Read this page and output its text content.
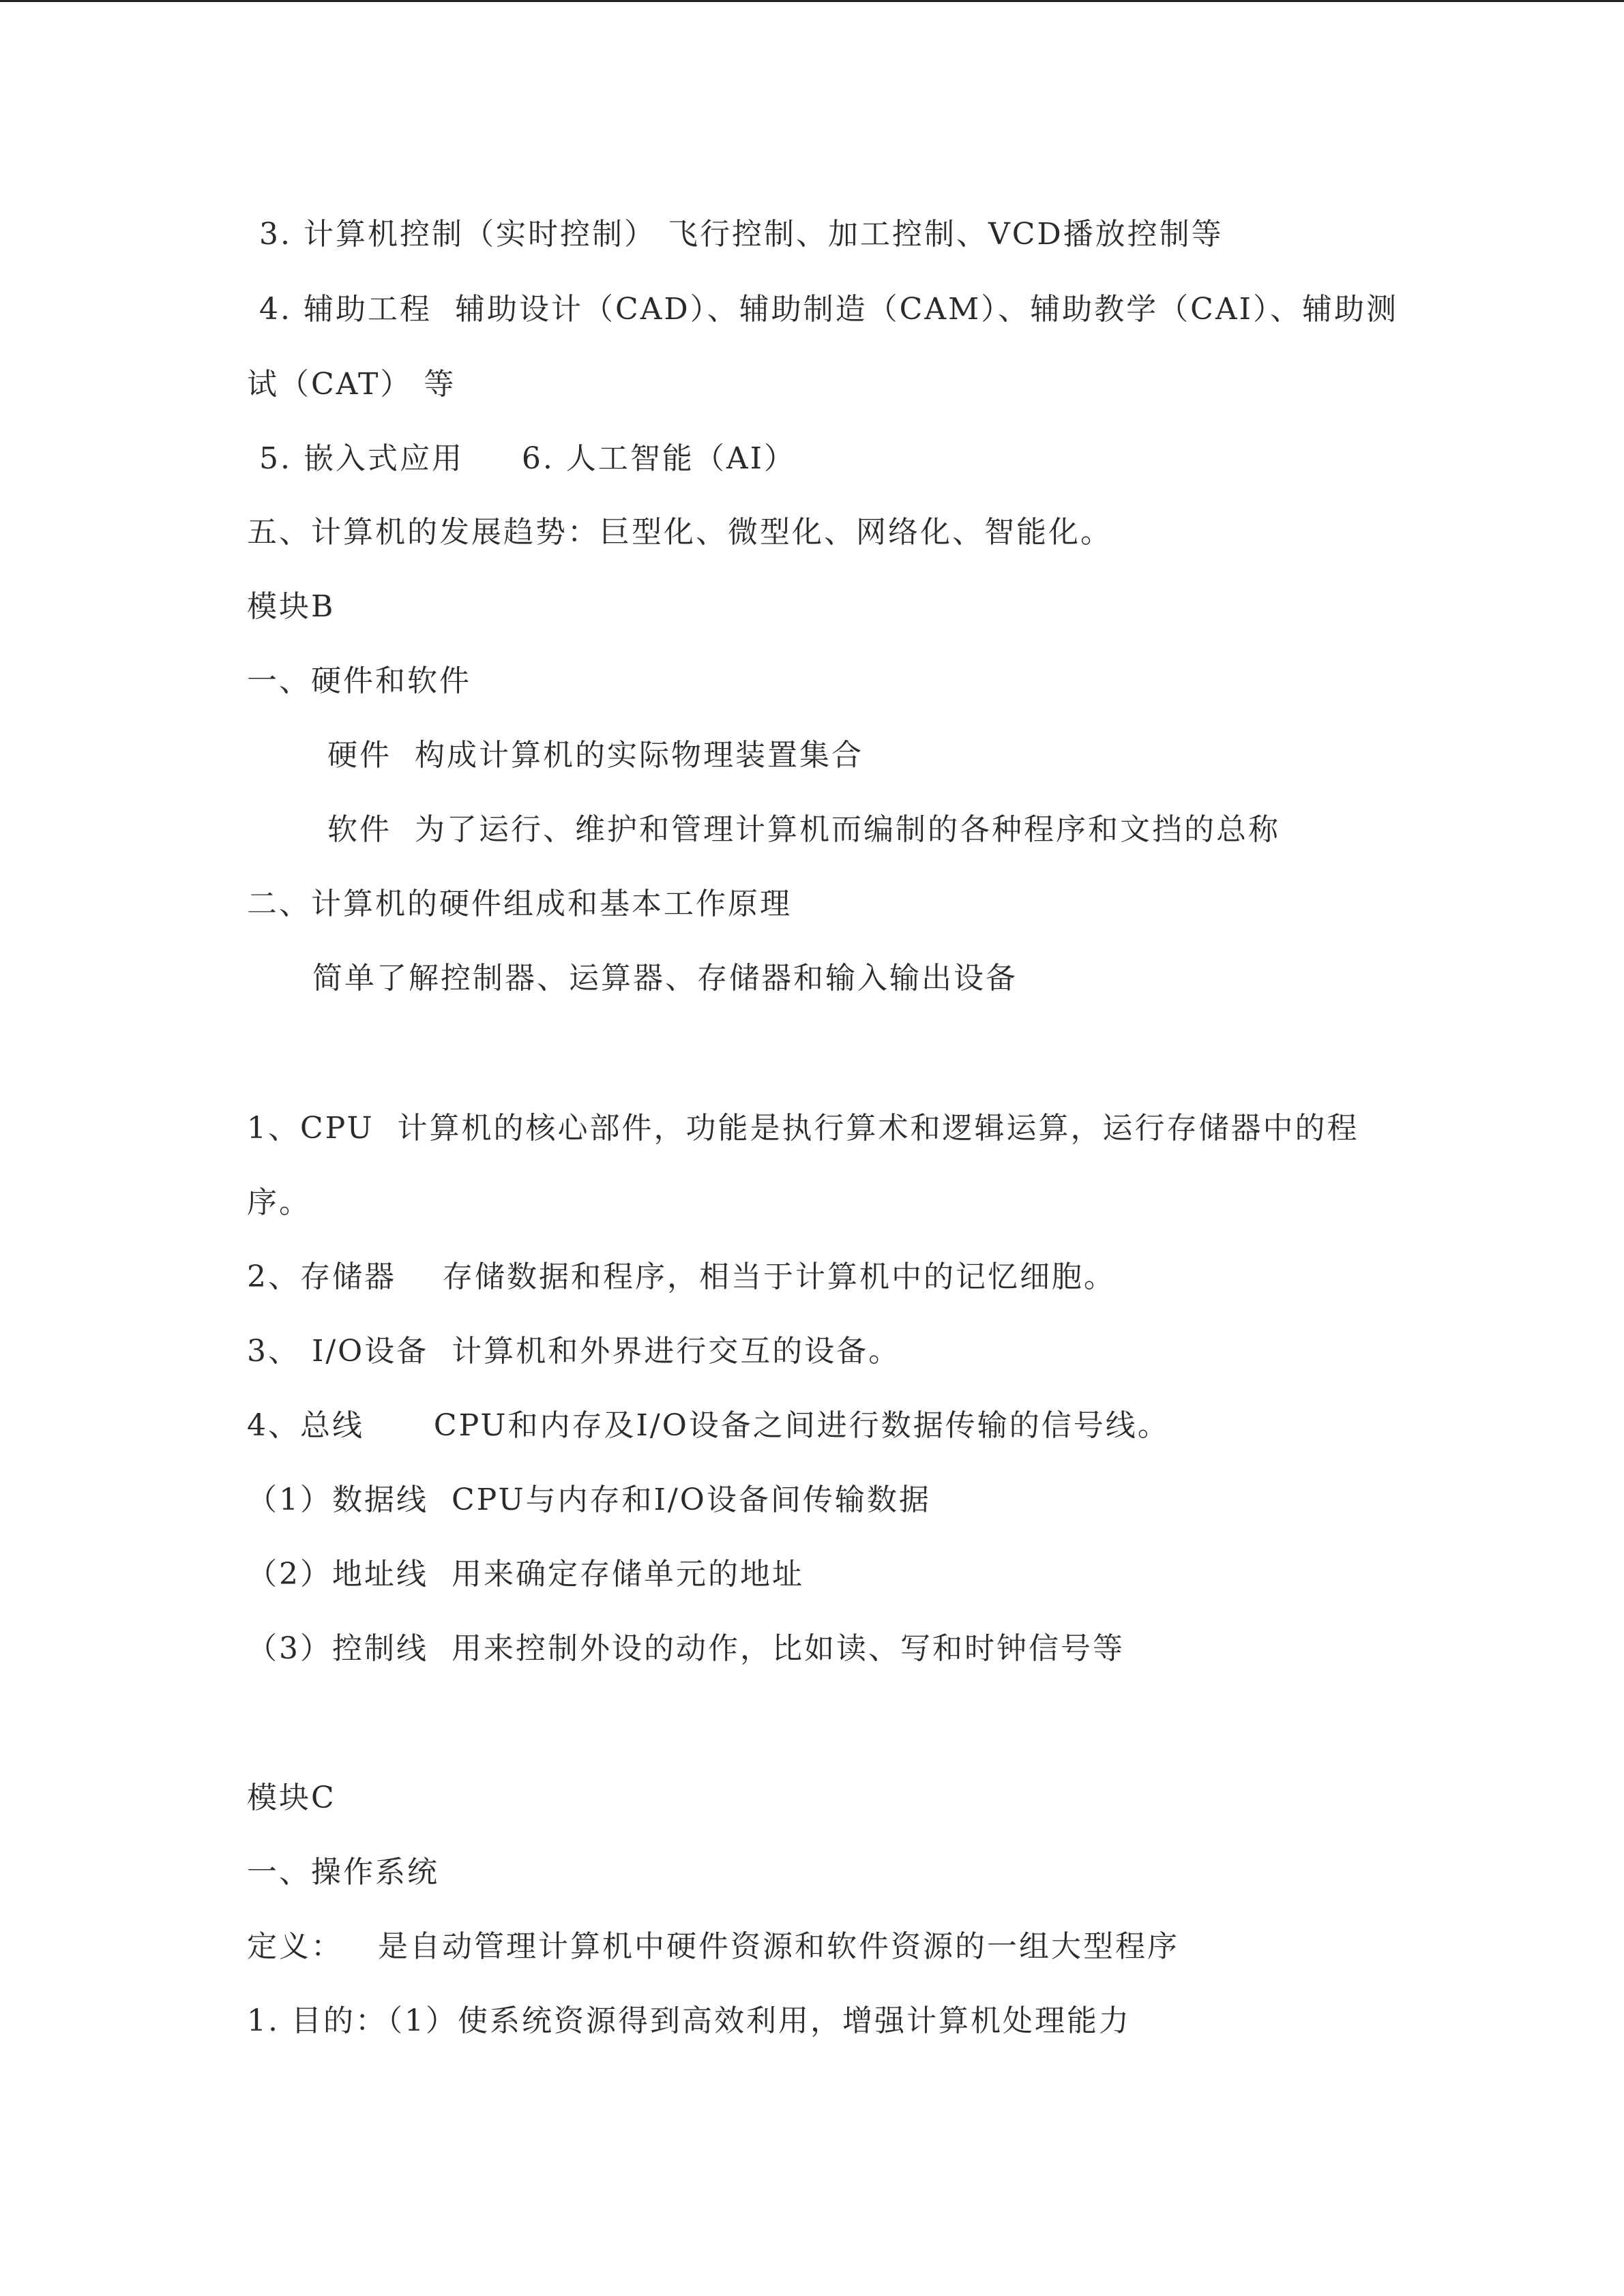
3. 计算机控制（实时控制） 飞行控制、加工控制、VCD播放控制等
4. 辅助工程  辅助设计（CAD）、辅助制造（CAM）、辅助教学（CAI）、辅助测
试（CAT） 等
5. 嵌入式应用     6. 人工智能（AI）
五、计算机的发展趋势：巨型化、微型化、网络化、智能化。
模块B
一、硬件和软件
硬件  构成计算机的实际物理装置集合
软件  为了运行、维护和管理计算机而编制的各种程序和文挡的总称
二、计算机的硬件组成和基本工作原理
简单了解控制器、运算器、存储器和输入输出设备
1、CPU  计算机的核心部件，功能是执行算术和逻辑运算，运行存储器中的程
序。
2、存储器    存储数据和程序，相当于计算机中的记忆细胞。
3、 I/O设备  计算机和外界进行交互的设备。
4、总线      CPU和内存及I/O设备之间进行数据传输的信号线。
（1）数据线  CPU与内存和I/O设备间传输数据
（2）地址线  用来确定存储单元的地址
（3）控制线  用来控制外设的动作，比如读、写和时钟信号等
模块C
一、操作系统
定义：   是自动管理计算机中硬件资源和软件资源的一组大型程序
1. 目的：（1）使系统资源得到高效利用，增强计算机处理能力
